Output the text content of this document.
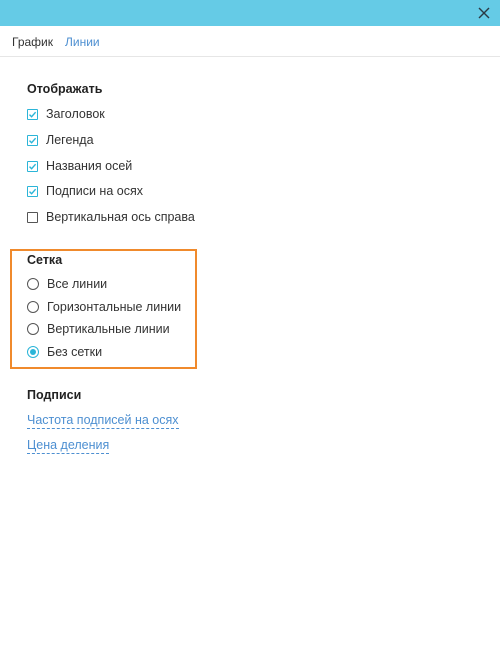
График Линии
Отображать
Заголовок
Легенда
Названия осей
Подписи на осях
Вертикальная ось справа
Сетка
Все линии
Горизонтальные линии
Вертикальные линии
Без сетки
Подписи
Частота подписей на осях
Цена деления
